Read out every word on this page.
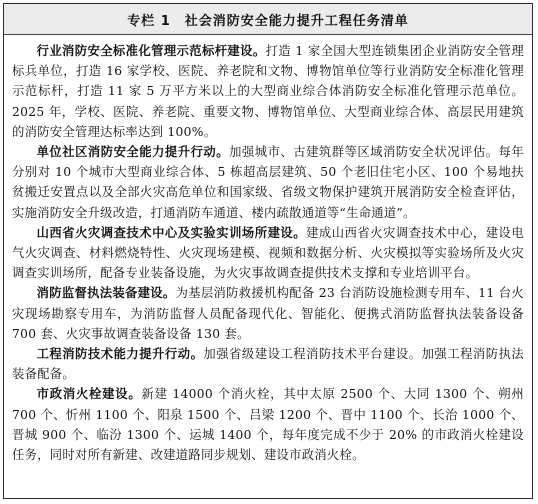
专栏 1 社会消防安全能力提升工程任务清单

行业消防安全标准化管理示范标杆建设。打造 1 家全国大型连锁集团企业消防安全管理标兵单位，打造 16 家学校、医院、养老院和文物、博物馆单位等行业消防安全标准化管理示范标杆，打造 11 家 5 万平方米以上的大型商业综合体消防安全标准化管理示范单位。2025 年，学校、医院、养老院、重要文物、博物馆单位、大型商业综合体、高层民用建筑的消防安全管理达标率达到 100%。

单位社区消防安全能力提升行动。加强城市、古建筑群等区域消防安全状况评估。每年分别对 10 个城市大型商业综合体、5 栋超高层建筑、50 个老旧住宅小区、100 个易地扶贫搬迁安置点以及全部火灾高危单位和国家级、省级文物保护建筑开展消防安全检查评估，实施消防安全升级改造，打通消防车通道、楼内疏散通道等“生命通道”。

山西省火灾调查技术中心及实验实训场所建设。建成山西省火灾调查技术中心，建设电气火灾调查、材料燃烧特性、火灾现场建模、视频和数据分析、火灾模拟等实验场所及火灾调查实训场所，配备专业装备设施，为火灾事故调查提供技术支撑和专业培训平台。

消防监督执法装备建设。为基层消防救援机构配备 23 台消防设施检测专用车、11 台火灾现场勘察专用车，为消防监督人员配备现代化、智能化、便携式消防监督执法装备设备 700 套、火灾事故调查装备设备 130 套。

工程消防技术能力提升行动。加强省级建设工程消防技术平台建设。加强工程消防执法装备配备。

市政消火栓建设。新建 14000 个消火栓，其中太原 2500 个、大同 1300 个、朔州 700 个、忻州 1100 个、阳泉 1500 个、吕梁 1200 个、晋中 1100 个、长治 1000 个、晋城 900 个、临汾 1300 个、运城 1400 个，每年度完成不少于 20% 的市政消火栓建设任务，同时对所有新建、改建道路同步规划、建设市政消火栓。
